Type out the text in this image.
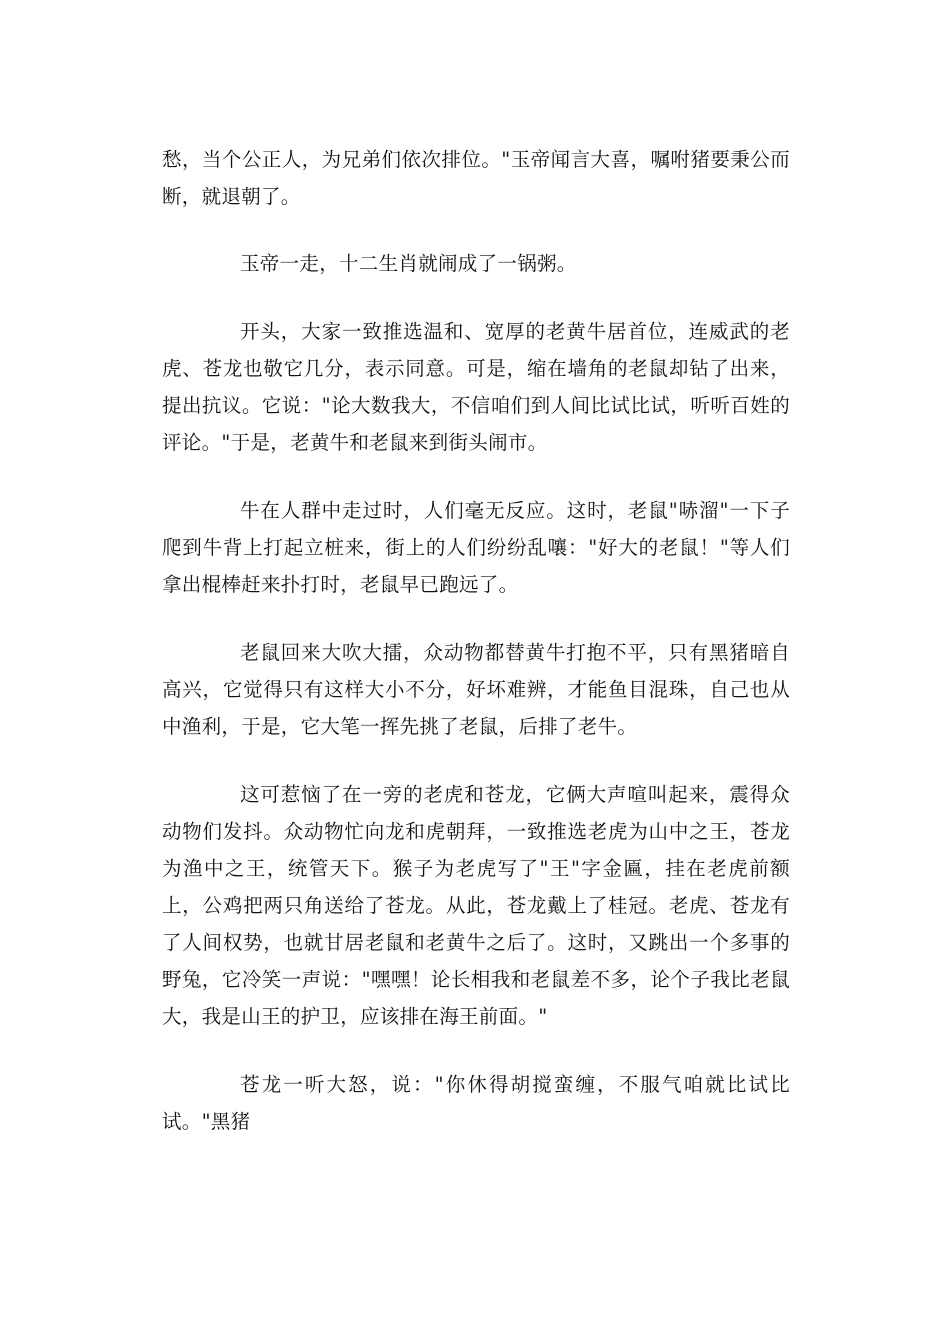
愁，当个公正人，为兄弟们依次排位。"玉帝闻言大喜，嘱咐猪要秉公而断，就退朝了。

玉帝一走，十二生肖就闹成了一锅粥。

开头，大家一致推选温和、宽厚的老黄牛居首位，连威武的老虎、苍龙也敬它几分，表示同意。可是，缩在墙角的老鼠却钻了出来，提出抗议。它说："论大数我大，不信咱们到人间比试比试，听听百姓的评论。"于是，老黄牛和老鼠来到街头闹市。

牛在人群中走过时，人们毫无反应。这时，老鼠"哧溜"一下子爬到牛背上打起立桩来，街上的人们纷纷乱嚷："好大的老鼠！"等人们拿出棍棒赶来扑打时，老鼠早已跑远了。

老鼠回来大吹大擂，众动物都替黄牛打抱不平，只有黑猪暗自高兴，它觉得只有这样大小不分，好坏难辨，才能鱼目混珠，自己也从中渔利，于是，它大笔一挥先挑了老鼠，后排了老牛。

这可惹恼了在一旁的老虎和苍龙，它俩大声喧叫起来，震得众动物们发抖。众动物忙向龙和虎朝拜，一致推选老虎为山中之王，苍龙为渔中之王，统管天下。猴子为老虎写了"王"字金匾，挂在老虎前额上，公鸡把两只角送给了苍龙。从此，苍龙戴上了桂冠。老虎、苍龙有了人间权势，也就甘居老鼠和老黄牛之后了。这时，又跳出一个多事的野兔，它冷笑一声说："嘿嘿！论长相我和老鼠差不多，论个子我比老鼠大，我是山王的护卫，应该排在海王前面。"

苍龙一听大怒，说："你休得胡搅蛮缠，不服气咱就比试比试。"黑猪
